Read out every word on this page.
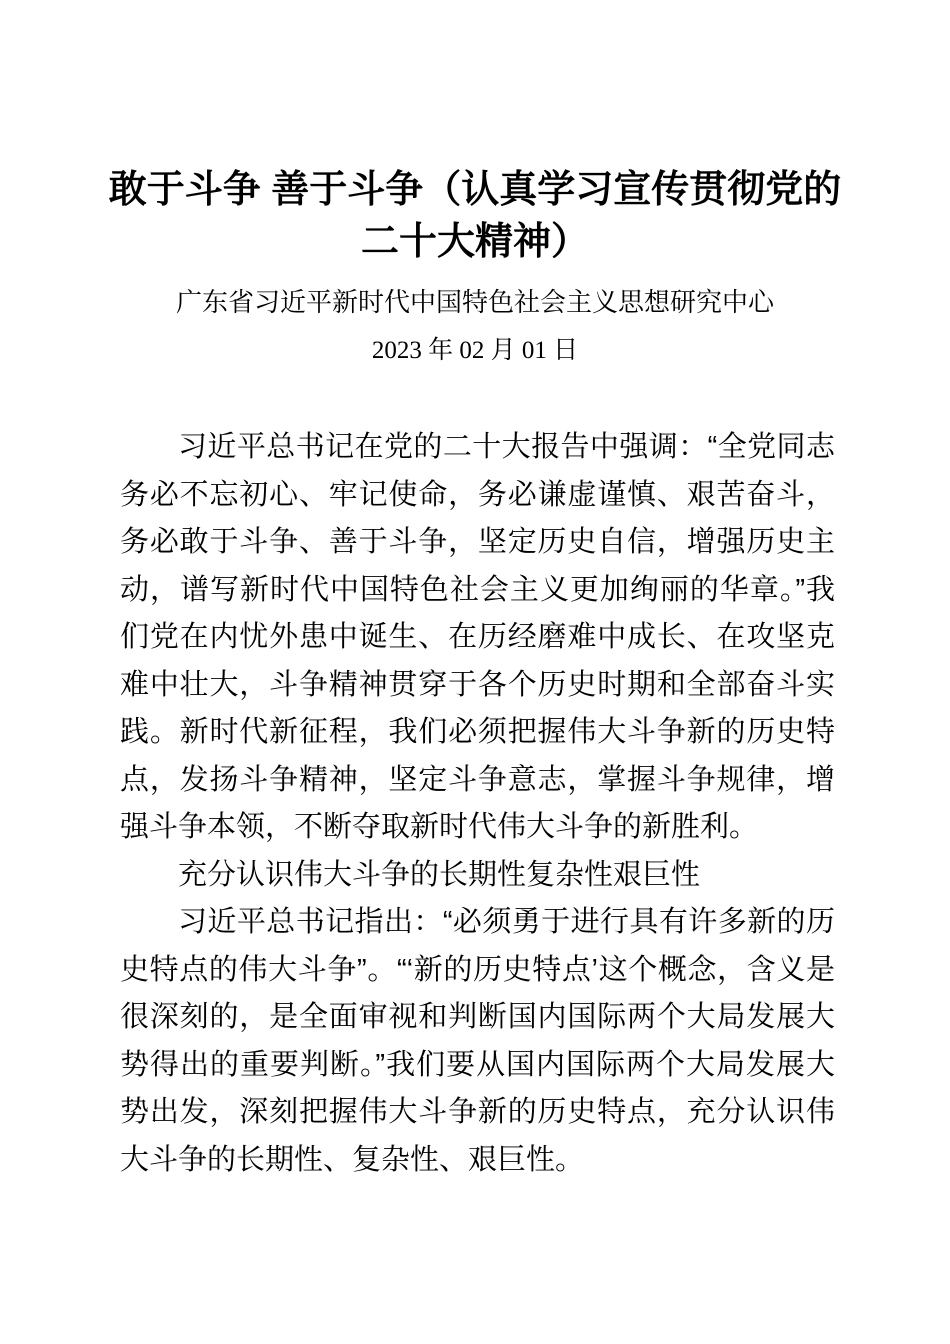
敢于斗争 善于斗争（认真学习宣传贯彻党的二十大精神）
广东省习近平新时代中国特色社会主义思想研究中心
2023 年 02 月 01 日

习近平总书记在党的二十大报告中强调：“全党同志务必不忘初心、牢记使命，务必谦虚谨慎、艰苦奋斗，务必敢于斗争、善于斗争，坚定历史自信，增强历史主动，谱写新时代中国特色社会主义更加绚丽的华章。”我们党在内忧外患中诞生、在历经磨难中成长、在攻坚克难中壮大，斗争精神贯穿于各个历史时期和全部奋斗实践。新时代新征程，我们必须把握伟大斗争新的历史特点，发扬斗争精神，坚定斗争意志，掌握斗争规律，增强斗争本领，不断夺取新时代伟大斗争的新胜利。

充分认识伟大斗争的长期性复杂性艰巨性

习近平总书记指出：“必须勇于进行具有许多新的历史特点的伟大斗争”。“‘新的历史特点’这个概念，含义是很深刻的，是全面审视和判断国内国际两个大局发展大势得出的重要判断。”我们要从国内国际两个大局发展大势出发，深刻把握伟大斗争新的历史特点，充分认识伟大斗争的长期性、复杂性、艰巨性。
